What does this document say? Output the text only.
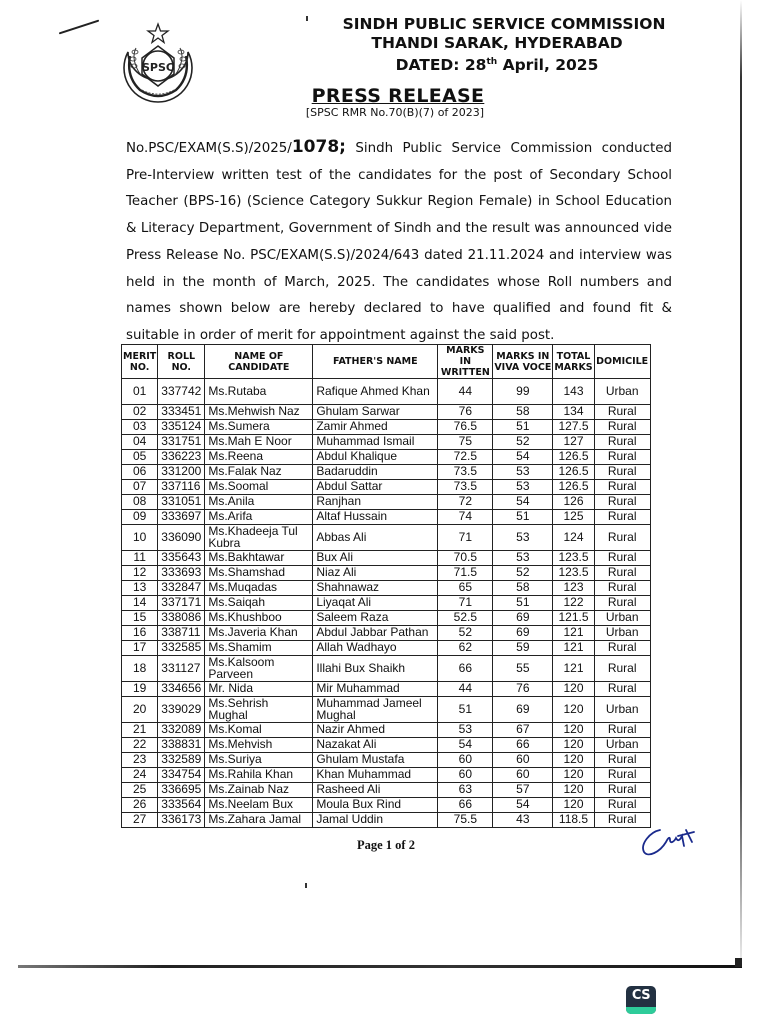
SPSC
SINDH PUBLIC SERVICE COMMISSION
THANDI SARAK, HYDERABAD
DATED: 28th April, 2025
PRESS RELEASE
[SPSC RMR No.70(B)(7) of 2023]
No.PSC/EXAM(S.S)/2025/1078; Sindh Public Service Commission conducted Pre-Interview written test of the candidates for the post of Secondary School Teacher (BPS-16) (Science Category Sukkur Region Female) in School Education & Literacy Department, Government of Sindh and the result was announced vide Press Release No. PSC/EXAM(S.S)/2024/643 dated 21.11.2024 and interview was held in the month of March, 2025. The candidates whose Roll numbers and names shown below are hereby declared to have qualified and found fit & suitable in order of merit for appointment against the said post.
MERIT NO.	ROLL NO.	NAME OF CANDIDATE	FATHER'S NAME	MARKS IN WRITTEN	MARKS IN VIVA VOCE	TOTAL MARKS	DOMICILE
01	337742	Ms.Rutaba	Rafique Ahmed Khan	44	99	143	Urban
02	333451	Ms.Mehwish Naz	Ghulam Sarwar	76	58	134	Rural
03	335124	Ms.Sumera	Zamir Ahmed	76.5	51	127.5	Rural
04	331751	Ms.Mah E Noor	Muhammad Ismail	75	52	127	Rural
05	336223	Ms.Reena	Abdul Khalique	72.5	54	126.5	Rural
06	331200	Ms.Falak Naz	Badaruddin	73.5	53	126.5	Rural
07	337116	Ms.Soomal	Abdul Sattar	73.5	53	126.5	Rural
08	331051	Ms.Anila	Ranjhan	72	54	126	Rural
09	333697	Ms.Arifa	Altaf Hussain	74	51	125	Rural
10	336090	Ms.Khadeeja Tul Kubra	Abbas Ali	71	53	124	Rural
11	335643	Ms.Bakhtawar	Bux Ali	70.5	53	123.5	Rural
12	333693	Ms.Shamshad	Niaz Ali	71.5	52	123.5	Rural
13	332847	Ms.Muqadas	Shahnawaz	65	58	123	Rural
14	337171	Ms.Saiqah	Liyaqat Ali	71	51	122	Rural
15	338086	Ms.Khushboo	Saleem Raza	52.5	69	121.5	Urban
16	338711	Ms.Javeria Khan	Abdul Jabbar Pathan	52	69	121	Urban
17	332585	Ms.Shamim	Allah Wadhayo	62	59	121	Rural
18	331127	Ms.Kalsoom Parveen	Illahi Bux Shaikh	66	55	121	Rural
19	334656	Mr. Nida	Mir Muhammad	44	76	120	Rural
20	339029	Ms.Sehrish Mughal	Muhammad Jameel Mughal	51	69	120	Urban
21	332089	Ms.Komal	Nazir Ahmed	53	67	120	Rural
22	338831	Ms.Mehvish	Nazakat Ali	54	66	120	Urban
23	332589	Ms.Suriya	Ghulam Mustafa	60	60	120	Rural
24	334754	Ms.Rahila Khan	Khan Muhammad	60	60	120	Rural
25	336695	Ms.Zainab Naz	Rasheed Ali	63	57	120	Rural
26	333564	Ms.Neelam Bux	Moula Bux Rind	66	54	120	Rural
27	336173	Ms.Zahara Jamal	Jamal Uddin	75.5	43	118.5	Rural
Page 1 of 2
CS
